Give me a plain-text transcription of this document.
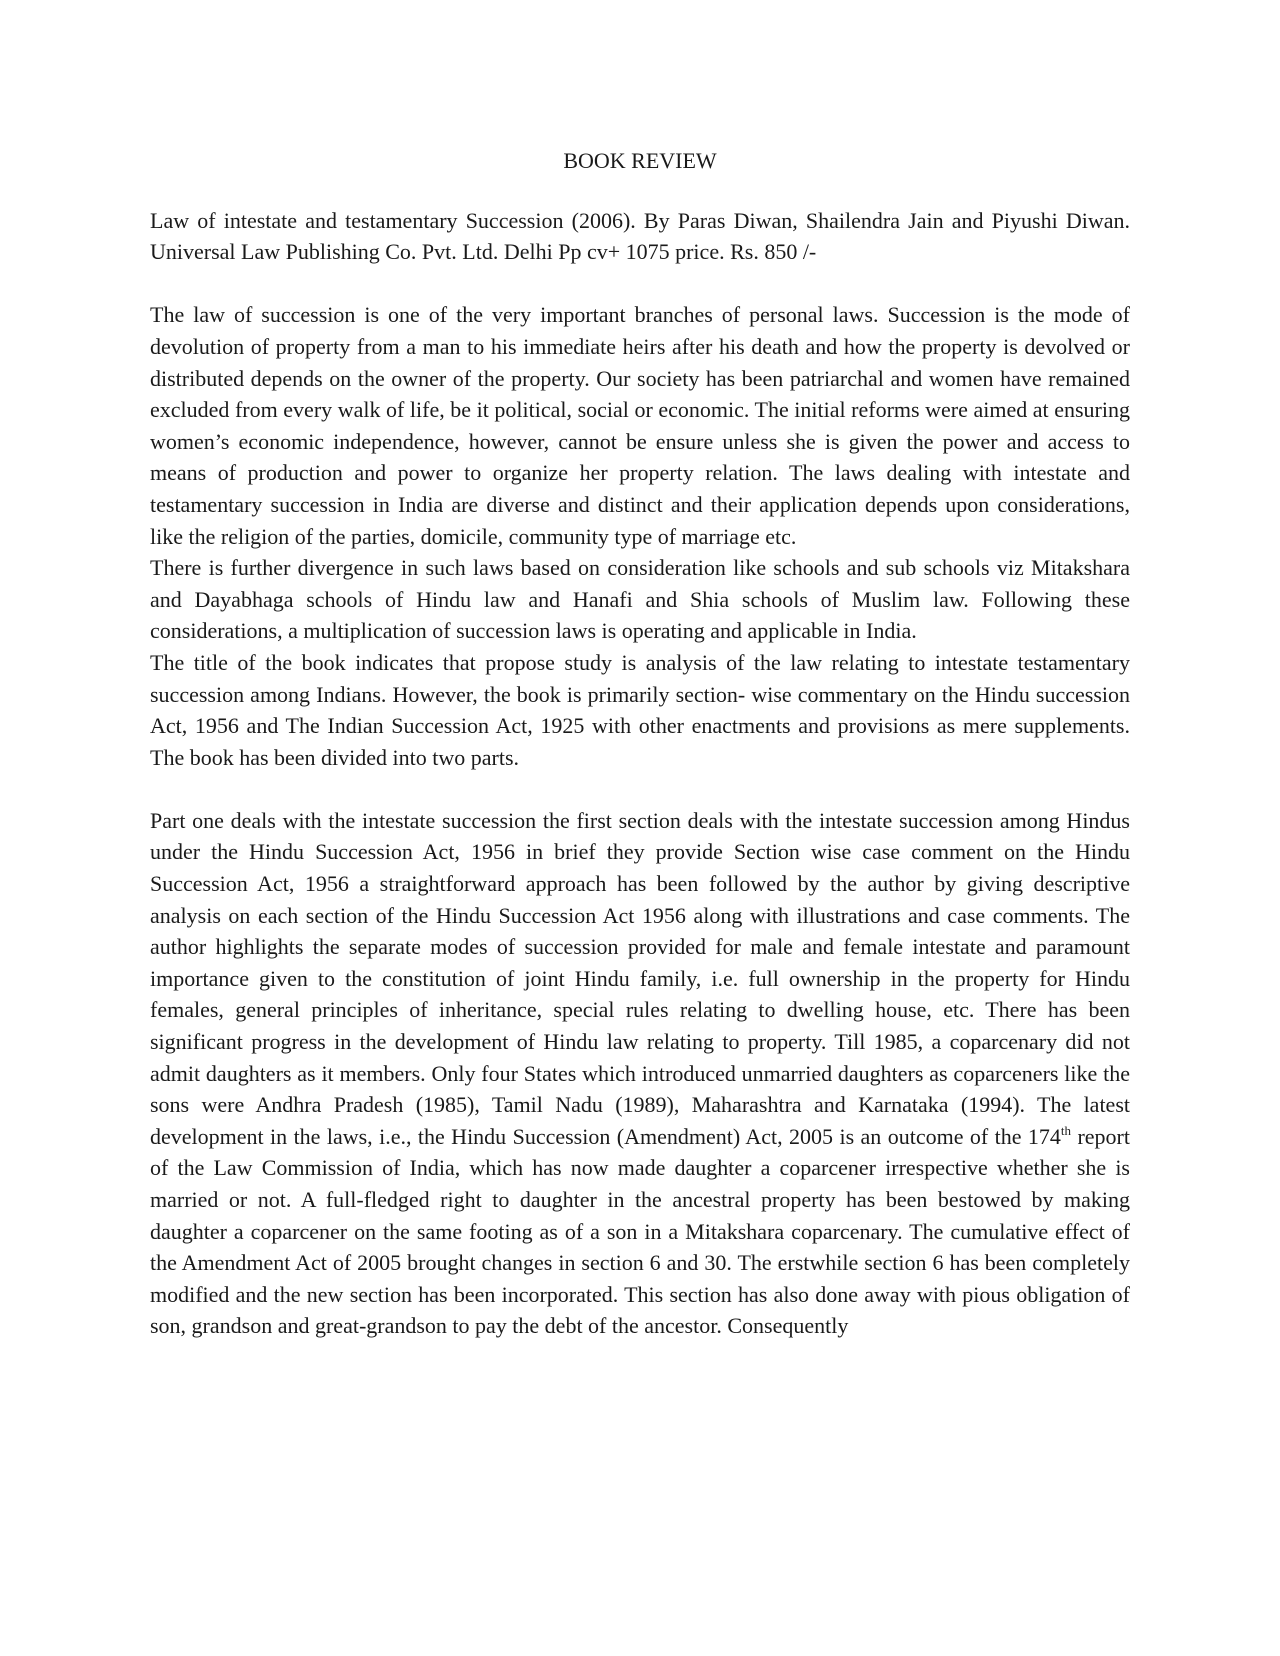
BOOK REVIEW

Law of intestate and testamentary Succession (2006). By Paras Diwan, Shailendra Jain and Piyushi Diwan. Universal Law Publishing Co. Pvt. Ltd. Delhi Pp cv+ 1075 price. Rs. 850 /-

The law of succession is one of the very important branches of personal laws. Succession is the mode of devolution of property from a man to his immediate heirs after his death and how the property is devolved or distributed depends on the owner of the property. Our society has been patriarchal and women have remained excluded from every walk of life, be it political, social or economic. The initial reforms were aimed at ensuring women’s economic independence, however, cannot be ensure unless she is given the power and access to means of production and power to organize her property relation. The laws dealing with intestate and testamentary succession in India are diverse and distinct and their application depends upon considerations, like the religion of the parties, domicile, community type of marriage etc.

There is further divergence in such laws based on consideration like schools and sub schools viz Mitakshara and Dayabhaga schools of Hindu law and Hanafi and Shia schools of Muslim law. Following these considerations, a multiplication of succession laws is operating and applicable in India.

The title of the book indicates that propose study is analysis of the law relating to intestate testamentary succession among Indians. However, the book is primarily section- wise commentary on the Hindu succession Act, 1956 and The Indian Succession Act, 1925 with other enactments and provisions as mere supplements. The book has been divided into two parts.

Part one deals with the intestate succession the first section deals with the intestate succession among Hindus under the Hindu Succession Act, 1956 in brief they provide Section wise case comment on the Hindu Succession Act, 1956 a straightforward approach has been followed by the author by giving descriptive analysis on each section of the Hindu Succession Act 1956 along with illustrations and case comments. The author highlights the separate modes of succession provided for male and female intestate and paramount importance given to the constitution of joint Hindu family, i.e. full ownership in the property for Hindu females, general principles of inheritance, special rules relating to dwelling house, etc. There has been significant progress in the development of Hindu law relating to property. Till 1985, a coparcenary did not admit daughters as it members. Only four States which introduced unmarried daughters as coparceners like the sons were Andhra Pradesh (1985), Tamil Nadu (1989), Maharashtra and Karnataka (1994). The latest development in the laws, i.e., the Hindu Succession (Amendment) Act, 2005 is an outcome of the 174th report of the Law Commission of India, which has now made daughter a coparcener irrespective whether she is married or not. A full-fledged right to daughter in the ancestral property has been bestowed by making daughter a coparcener on the same footing as of a son in a Mitakshara coparcenary. The cumulative effect of the Amendment Act of 2005 brought changes in section 6 and 30. The erstwhile section 6 has been completely modified and the new section has been incorporated. This section has also done away with pious obligation of son, grandson and great-grandson to pay the debt of the ancestor. Consequently
